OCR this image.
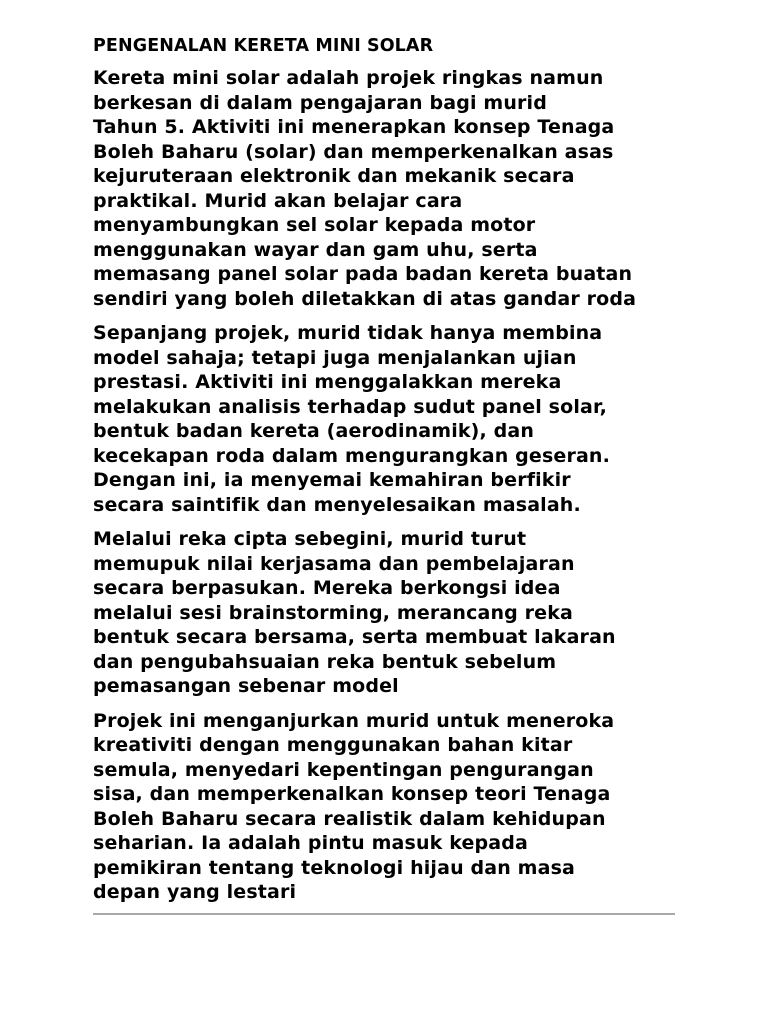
PENGENALAN KERETA MINI SOLAR
Kereta mini solar adalah projek ringkas namun
berkesan di dalam pengajaran bagi murid
Tahun 5. Aktiviti ini menerapkan konsep Tenaga
Boleh Baharu (solar) dan memperkenalkan asas
kejuruteraan elektronik dan mekanik secara
praktikal. Murid akan belajar cara
menyambungkan sel solar kepada motor
menggunakan wayar dan gam uhu, serta
memasang panel solar pada badan kereta buatan
sendiri yang boleh diletakkan di atas gandar roda
Sepanjang projek, murid tidak hanya membina
model sahaja; tetapi juga menjalankan ujian
prestasi. Aktiviti ini menggalakkan mereka
melakukan analisis terhadap sudut panel solar,
bentuk badan kereta (aerodinamik), dan
kecekapan roda dalam mengurangkan geseran.
Dengan ini, ia menyemai kemahiran berfikir
secara saintifik dan menyelesaikan masalah.
Melalui reka cipta sebegini, murid turut
memupuk nilai kerjasama dan pembelajaran
secara berpasukan. Mereka berkongsi idea
melalui sesi brainstorming, merancang reka
bentuk secara bersama, serta membuat lakaran
dan pengubahsuaian reka bentuk sebelum
pemasangan sebenar model
Projek ini menganjurkan murid untuk meneroka
kreativiti dengan menggunakan bahan kitar
semula, menyedari kepentingan pengurangan
sisa, dan memperkenalkan konsep teori Tenaga
Boleh Baharu secara realistik dalam kehidupan
seharian. Ia adalah pintu masuk kepada
pemikiran tentang teknologi hijau dan masa
depan yang lestari
